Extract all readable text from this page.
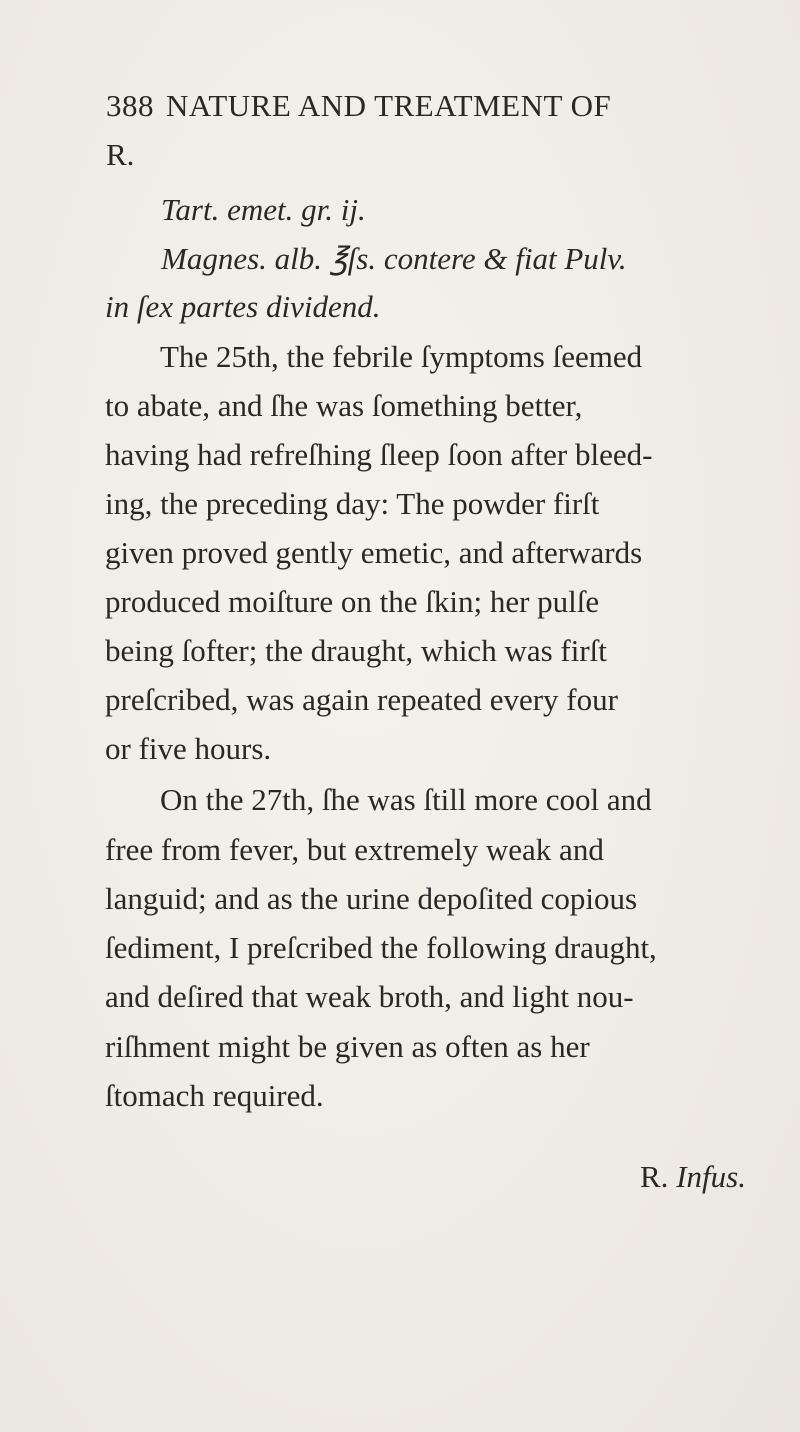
388 NATURE AND TREATMENT OF
R.
Tart. emet. gr. ij.
Magnes. alb. ℥ſs. contere & fiat Pulv.
in ſex partes dividend.
The 25th, the febrile ſymptoms ſeemed
to abate, and ſhe was ſomething better,
having had refreſhing ſleep ſoon after bleed-
ing, the preceding day: The powder firſt
given proved gently emetic, and afterwards
produced moiſture on the ſkin; her pulſe
being ſofter; the draught, which was firſt
preſcribed, was again repeated every four
or five hours.
On the 27th, ſhe was ſtill more cool and
free from fever, but extremely weak and
languid; and as the urine depoſited copious
ſediment, I preſcribed the following draught,
and deſired that weak broth, and light nou-
riſhment might be given as often as her
ſtomach required.
R. Infus.
